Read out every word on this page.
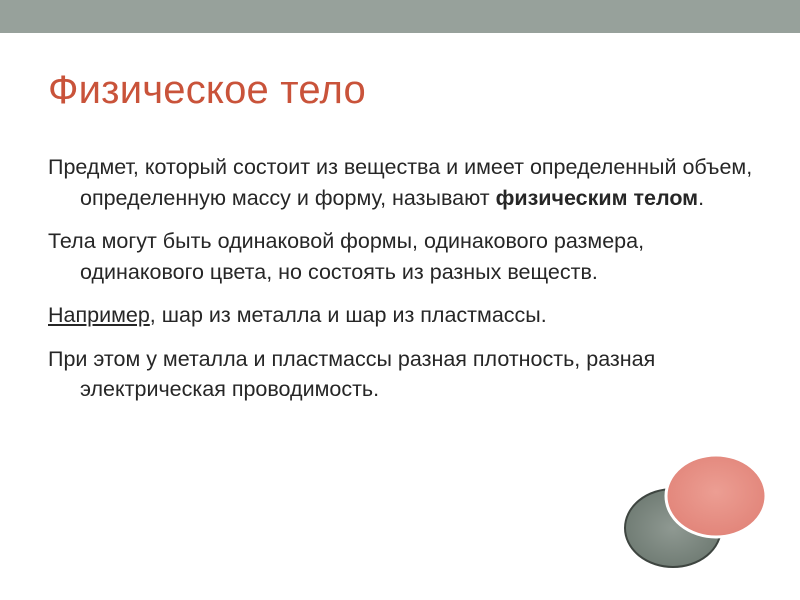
Физическое тело
Предмет, который состоит из вещества и имеет определенный объем, определенную массу и форму, называют физическим телом.
Тела могут быть одинаковой формы, одинакового размера, одинакового цвета, но состоять из разных веществ.
Например, шар из металла и шар из пластмассы.
При этом у металла и пластмассы разная плотность, разная электрическая проводимость.
